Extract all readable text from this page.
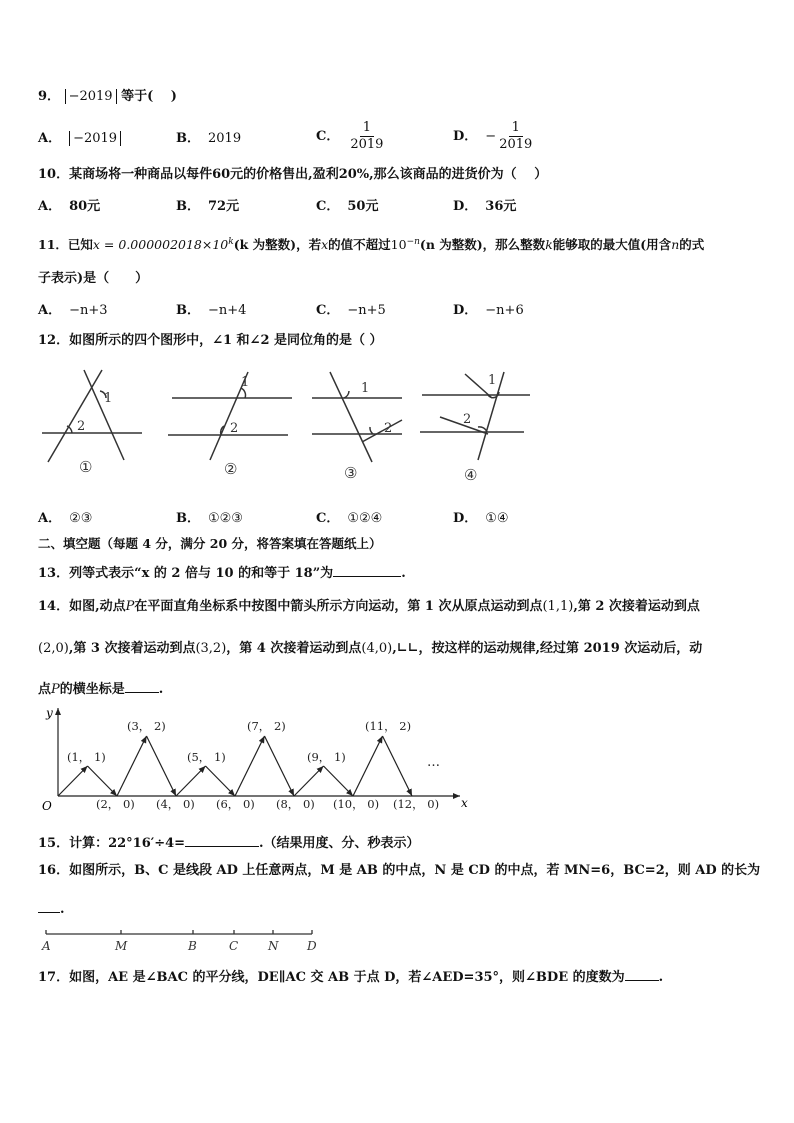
9． −2019 等于(　 )
A． −2019	B． 2019	C． $\frac{1}{2019}$	D． − $\frac{1}{2019}$
10．某商场将一种商品以每件60元的价格售出,盈利20%,那么该商品的进货价为（　 ）
A． 80元	B． 72元	C． 50元	D． 36元
11．已知$x = 0.000002018\times 10^k(k$ 为整数)，若x的值不超过$10^{-n}(n$ 为整数)，那么整数k能够取的最大值(用含n的式
子表示)是（　　）
A． −n+3	B． −n+4	C． −n+5	D． −n+6
12．如图所示的四个图形中，∠1 和∠2 是同位角的是（ ）
1
2
1
2
1
2
1
2
①	②	③	④
A． ②③	B． ①②③	C． ①②④	D． ①④
二、填空题（每题 4 分，满分 20 分，将答案填在答题纸上）
13．列等式表示“x 的 2 倍与 10 的和等于 18”为	.
14．如图,动点P在平面直角坐标系中按图中箭头所示方向运动，第 1 次从原点运动到点(1,1),第 2 次接着运动到点
(2,0),第 3 次接着运动到点(3,2)，第 4 次接着运动到点(4,0),∟∟，按这样的运动规律,经过第 2019 次运动后，动
点P的横坐标是	.
y
x
O
(1， 1)
(3， 2)
(5， 1)
(7， 2)
(9， 1)
(11， 2)
(2， 0) (4， 0) (6， 0) (8， 0) (10， 0) (12， 0)
…
15．计算：22°16′÷4=	.（结果用度、分、秒表示）
16．如图所示，B、C 是线段 AD 上任意两点，M 是 AB 的中点，N 是 CD 的中点，若 MN=6，BC=2，则 AD 的长为
.
A	M	B	C N D
17．如图，AE 是∠BAC 的平分线，DE∥AC 交 AB 于点 D，若∠AED=35°，则∠BDE 的度数为	.
